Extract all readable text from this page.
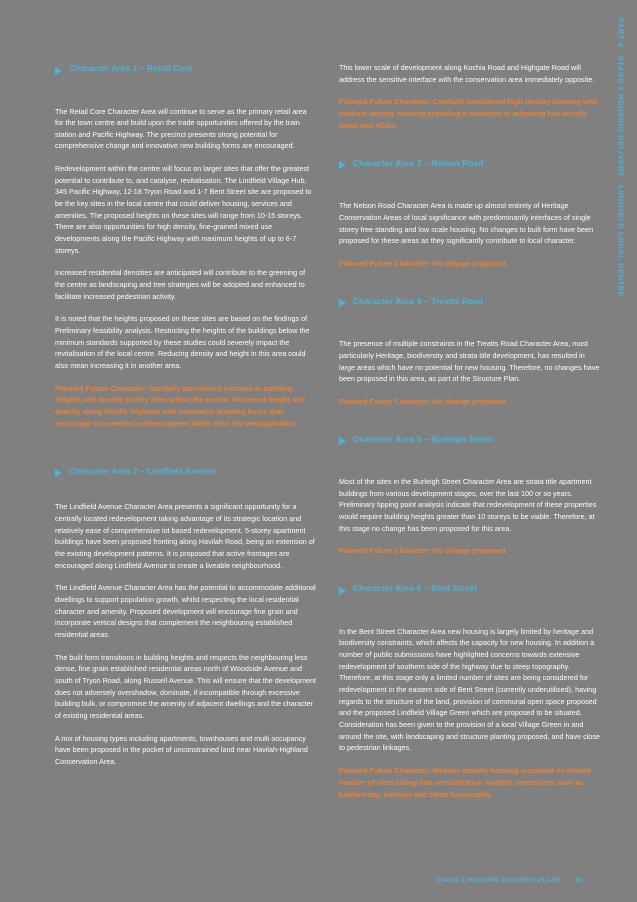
Character Area 1 – Retail Core

The Retail Core Character Area will continue to serve as the primary retail area for the town centre and build upon the trade opportunities offered by the train station and Pacific Highway. The precinct presents strong potential for comprehensive change and innovative new building forms are encouraged.

Redevelopment within the centre will focus on larger sites that offer the greatest potential to contribute to, and catalyse, revitalisation. The Lindfield Village Hub, 345 Pacific Highway, 12-18 Tryon Road and 1-7 Bent Street site are proposed to be the key sites in the local centre that could deliver housing, services and amenities. The proposed heights on these sites will range from 10-15 storeys. There are also opportunities for high density, fine-grained mixed use developments along the Pacific Highway with maximum heights of up to 6-7 storeys.

Increased residential densities are anticipated will contribute to the greening of the centre as landscaping and tree strategies will be adopted and enhanced to facilitate increased pedestrian activity.

It is noted that the heights proposed on these sites are based on the findings of Preliminary feasibility analysis. Restricting the heights of the buildings below the minimum standards supported by these studies could severely impact the revitalisation of the local centre. Reducing density and height in this area could also mean increasing it in another area.

Planned Future Character: Carefully considered increase in building heights and density on key sites within the centre. Increased height and density along Pacific Highway with innovative building forms that encourage incremental redevelopment rather than site amalgamation

Character Area 2 – Lindfield Avenue

The Lindfield Avenue Character Area presents a significant opportunity for a centrally located redevelopment taking advantage of its strategic location and relatively ease of comprehensive lot based redevelopment. 5-storey apartment buildings have been proposed fronting along Havilah Road, being an extension of the existing development patterns. It is proposed that active frontages are encouraged along Lindfield Avenue to create a liveable neighbourhood.

The Lindfield Avenue Character Area has the potential to accommodate additional dwellings to support population growth, whilst respecting the local residential character and amenity. Proposed development will encourage fine grain and incorporate vertical designs that complement the neighbouring established residential areas.

The built form transitions in building heights and respects the neighbouring less dense, fine grain established residential areas north of Woodside Avenue and south of Tryon Road, along Russell Avenue. This will ensure that the development does not adversely overshadow, dominate, if incompatible through excessive building bulk, or compromise the amenity of adjacent dwellings and the character of existing residential areas.

A mix of housing types including apartments, townhouses and multi occupancy have been proposed in the pocket of unconstrained land near Havilah-Highland Conservation Area.

This lower scale of development along Kochia Road and Highgate Road will address the sensitive interface with the conservation area immediately opposite.

Planned Future Character: Carefully considered high density housing with medium density housing providing a transition to adjoining low density areas and HCAs.

Character Area 3 – Nelson Road

The Nelson Road Character Area is made up almost entirely of Heritage Conservation Areas of local significance with predominantly interfaces of single storey free standing and low scale housing. No changes to built form have been proposed for these areas as they significantly contribute to local character.

Planned Future Character: No change proposed.

Character Area 4 – Treatts Road

The presence of multiple constraints in the Treatts Road Character Area, most particularly Heritage, biodiversity and strata title development, has resulted in large areas which have no potential for new housing. Therefore, no changes have been proposed in this area, as part of the Structure Plan.

Planned Future Character: No change proposed.

Character Area 5 – Burleigh Street

Most of the sites in the Burleigh Street Character Area are strata title apartment buildings from various development stages, over the last 100 or so years. Preliminary tipping point analysis indicate that redevelopment of these properties would require building heights greater than 10 storeys to be viable. Therefore, at this stage no change has been proposed for this area.

Planned Future Character: No change proposed.

Character Area 6 – Bent Street

In the Bent Street Character Area new housing is largely limited by heritage and biodiversity constraints, which affects the capacity for new housing. In addition a number of public submissions have highlighted concerns towards extensive redevelopment of southern side of the highway due to steep topography. Therefore, at this stage only a limited number of sites are being considered for redevelopment in the eastern side of Bent Street (currently underutilised), having regards to the structure of the land, provision of communal open space proposed and the proposed Lindfield Village Green which are proposed to be situated. Consideration has been given to the provision of a local Village Green in and around the site, with landscaping and structure planting proposed, and have close to pedestrian linkages.

Planned Future Character: Medium density housing proposed on limited number of sites taking into consideration multiple constraints such as biodiversity, heritage and steep topography.

PART 4 - STAGE 2 HOUSING DELIVERY - LINDFIELD LOCAL CENTRE
STAGE 2 HOUSING DELIVERY PLANS 49
